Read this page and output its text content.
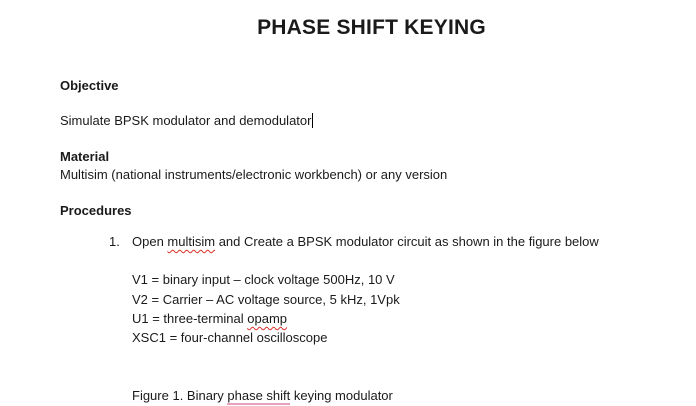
PHASE SHIFT KEYING
Objective
Simulate BPSK modulator and demodulator
Material
Multisim (national instruments/electronic workbench) or any version
Procedures
1. Open multisim and Create a BPSK modulator circuit as shown in the figure below
V1 = binary input – clock voltage 500Hz, 10 V
V2 = Carrier – AC voltage source, 5 kHz, 1Vpk
U1 = three-terminal opamp
XSC1 = four-channel oscilloscope
Figure 1. Binary phase shift keying modulator
